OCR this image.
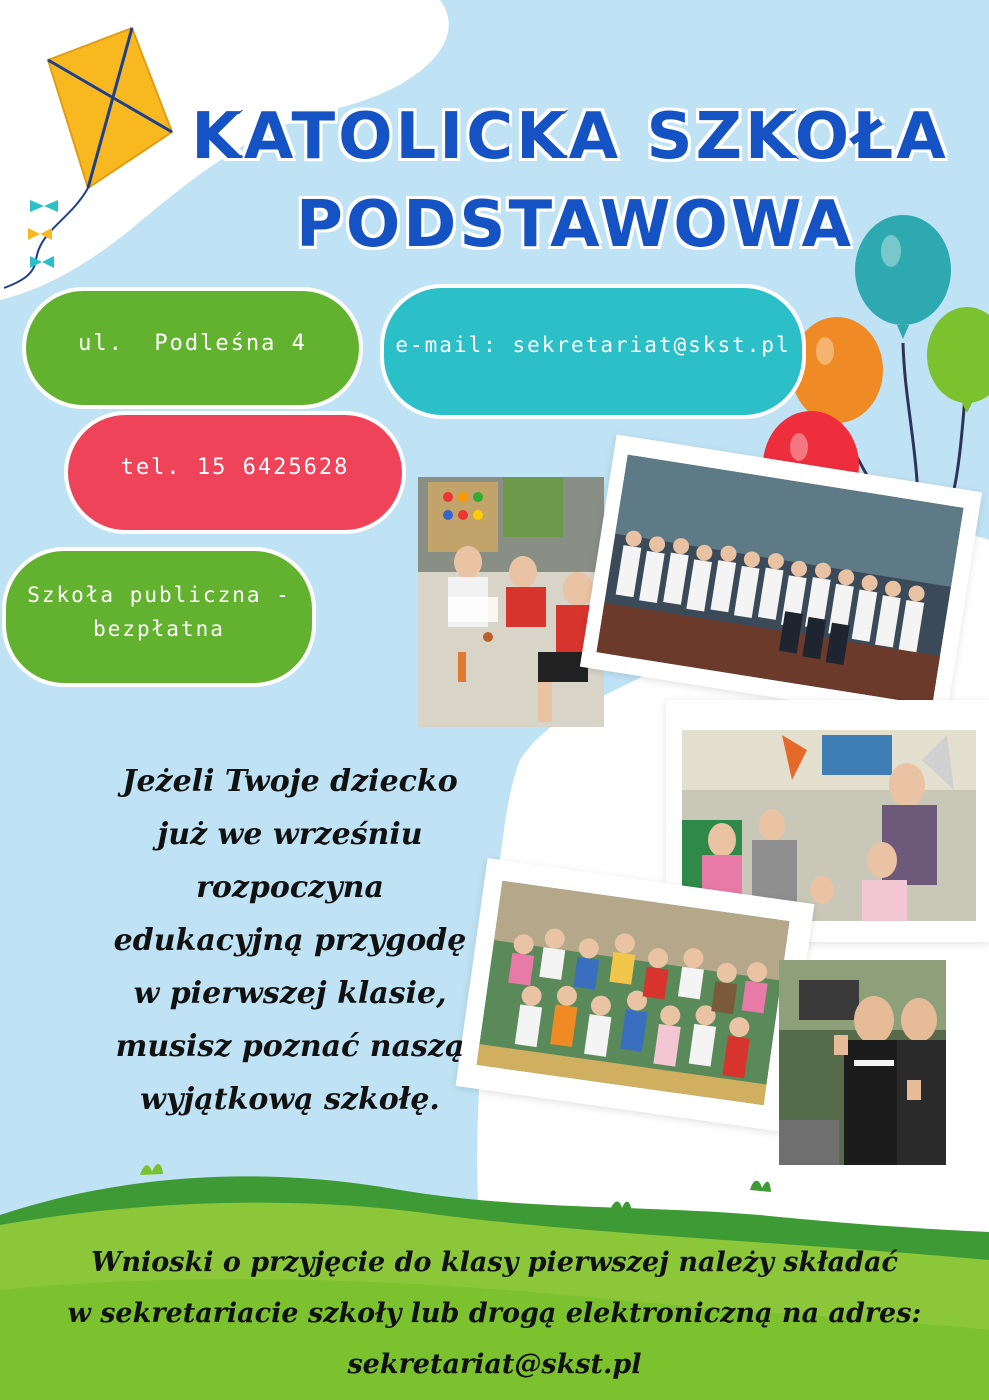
KATOLICKA SZKOŁA
PODSTAWOWA
ul.  Podleśna 4	e-mail: sekretariat@skst.pl
tel. 15 6425628
Szkoła publiczna -
bezpłatna
Jeżeli Twoje dziecko
już we wrześniu
rozpoczyna
edukacyjną przygodę
w pierwszej klasie,
musisz poznać naszą
wyjątkową szkołę.
Wnioski o przyjęcie do klasy pierwszej należy składać
w sekretariacie szkoły lub drogą elektroniczną na adres:
sekretariat@skst.pl
